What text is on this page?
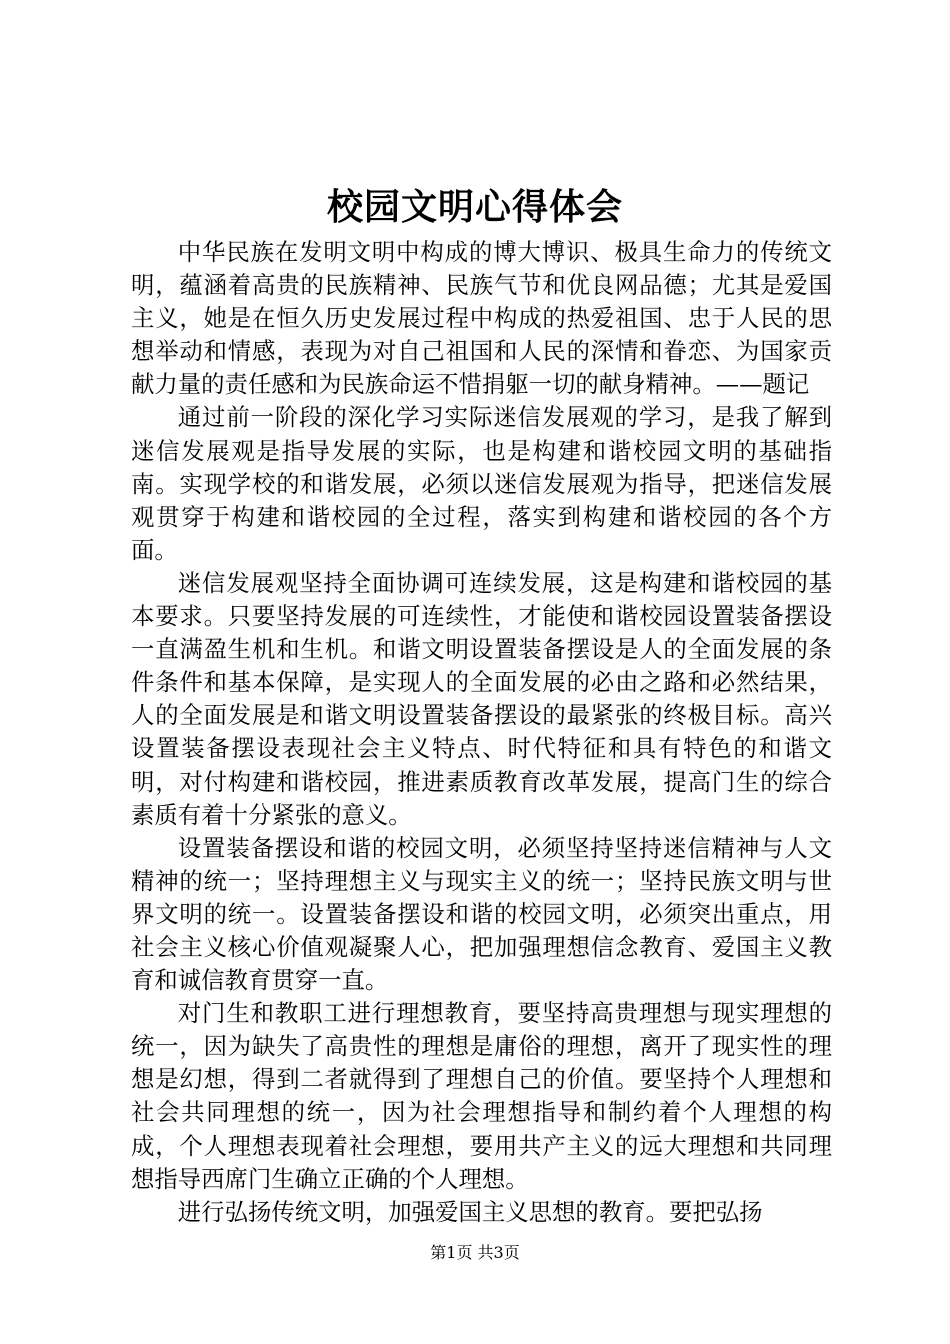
校园文明心得体会

中华民族在发明文明中构成的博大博识、极具生命力的传统文明，蕴涵着高贵的民族精神、民族气节和优良网品德；尤其是爱国主义，她是在恒久历史发展过程中构成的热爱祖国、忠于人民的思想举动和情感，表现为对自己祖国和人民的深情和眷恋、为国家贡献力量的责任感和为民族命运不惜捐躯一切的献身精神。——题记

通过前一阶段的深化学习实际迷信发展观的学习，是我了解到迷信发展观是指导发展的实际，也是构建和谐校园文明的基础指南。实现学校的和谐发展，必须以迷信发展观为指导，把迷信发展观贯穿于构建和谐校园的全过程，落实到构建和谐校园的各个方面。

迷信发展观坚持全面协调可连续发展，这是构建和谐校园的基本要求。只要坚持发展的可连续性，才能使和谐校园设置装备摆设一直满盈生机和生机。和谐文明设置装备摆设是人的全面发展的条件条件和基本保障，是实现人的全面发展的必由之路和必然结果，人的全面发展是和谐文明设置装备摆设的最紧张的终极目标。高兴设置装备摆设表现社会主义特点、时代特征和具有特色的和谐文明，对付构建和谐校园，推进素质教育改革发展，提高门生的综合素质有着十分紧张的意义。

设置装备摆设和谐的校园文明，必须坚持坚持迷信精神与人文精神的统一；坚持理想主义与现实主义的统一；坚持民族文明与世界文明的统一。设置装备摆设和谐的校园文明，必须突出重点，用社会主义核心价值观凝聚人心，把加强理想信念教育、爱国主义教育和诚信教育贯穿一直。

对门生和教职工进行理想教育，要坚持高贵理想与现实理想的统一，因为缺失了高贵性的理想是庸俗的理想，离开了现实性的理想是幻想，得到二者就得到了理想自己的价值。要坚持个人理想和社会共同理想的统一，因为社会理想指导和制约着个人理想的构成，个人理想表现着社会理想，要用共产主义的远大理想和共同理想指导西席门生确立正确的个人理想。

进行弘扬传统文明，加强爱国主义思想的教育。要把弘扬

第1页 共3页
